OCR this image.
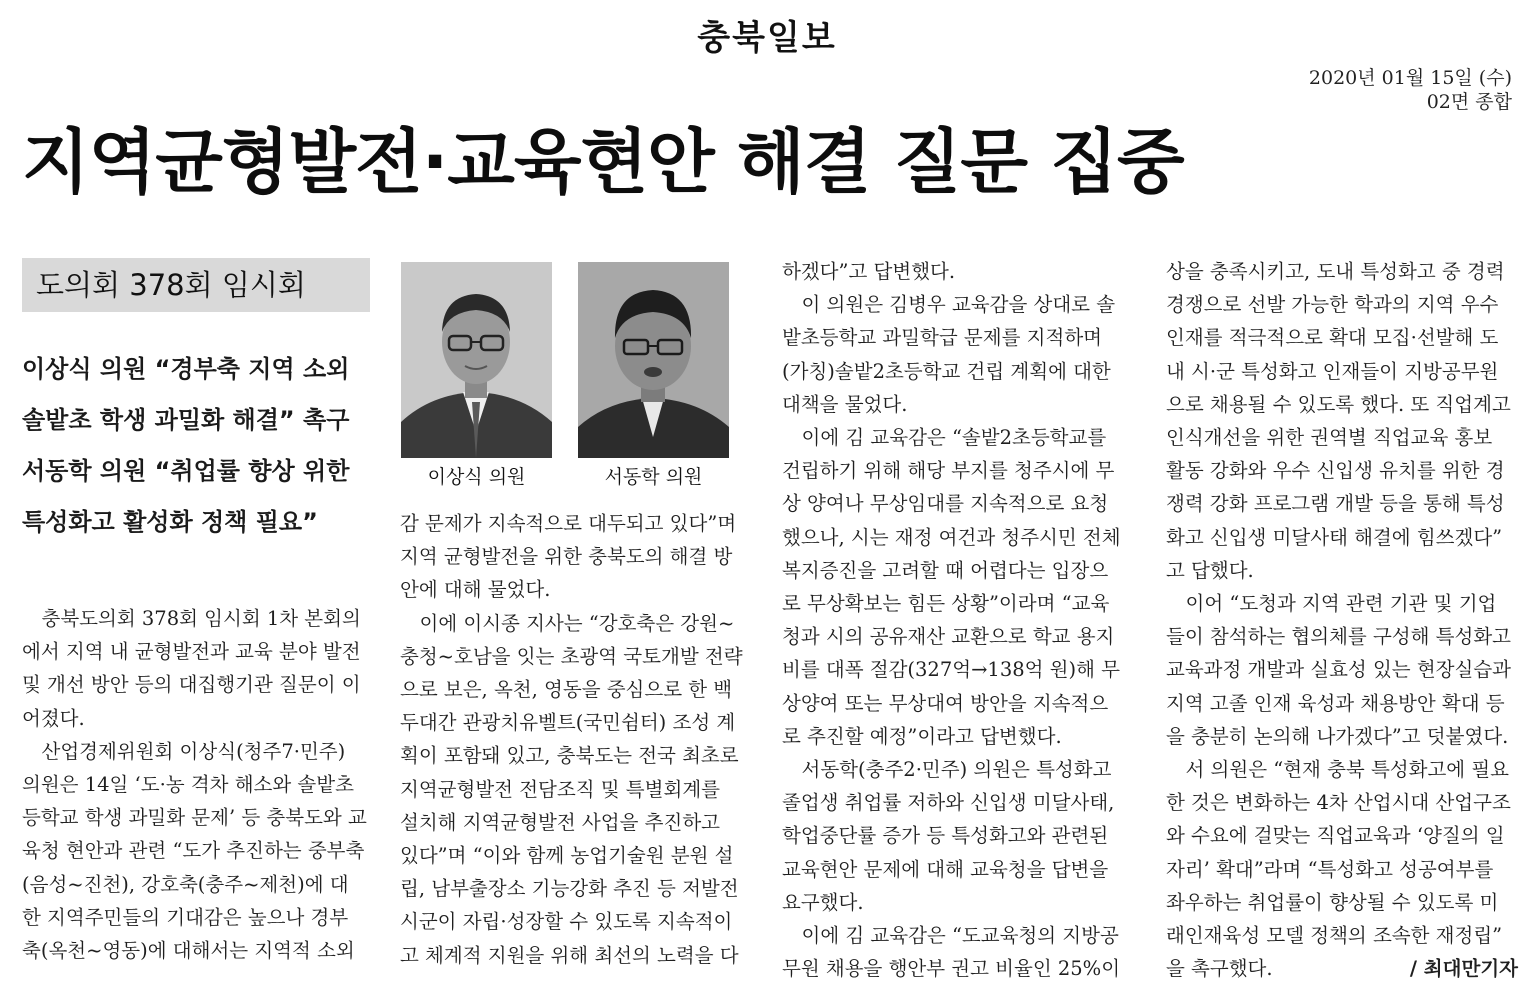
충북일보
2020년 01월 15일 (수)
02면 종합
지역균형발전·교육현안 해결 질문 집중
도의회 378회 임시회
이상식 의원 “경부축 지역 소외
솔밭초 학생 과밀화 해결” 촉구
서동학 의원 “취업률 향상 위한
특성화고 활성화 정책 필요”
이상식 의원	서동학 의원

　충북도의회 378회 임시회 1차 본회의

에서 지역 내 균형발전과 교육 분야 발전

및 개선 방안 등의 대집행기관 질문이 이

어졌다.

　산업경제위원회 이상식(청주7·민주)

의원은 14일 ‘도·농 격차 해소와 솔밭초

등학교 학생 과밀화 문제’ 등 충북도와 교

육청 현안과 관련 “도가 추진하는 중부축

(음성~진천), 강호축(충주~제천)에 대

한 지역주민들의 기대감은 높으나 경부

축(옥천~영동)에 대해서는 지역적 소외

감 문제가 지속적으로 대두되고 있다”며

지역 균형발전을 위한 충북도의 해결 방

안에 대해 물었다.

　이에 이시종 지사는 “강호축은 강원~

충청~호남을 잇는 초광역 국토개발 전략

으로 보은, 옥천, 영동을 중심으로 한 백

두대간 관광치유벨트(국민쉼터) 조성 계

획이 포함돼 있고, 충북도는 전국 최초로

지역균형발전 전담조직 및 특별회계를

설치해 지역균형발전 사업을 추진하고

있다”며 “이와 함께 농업기술원 분원 설

립, 남부출장소 기능강화 추진 등 저발전

시군이 자립·성장할 수 있도록 지속적이

고 체계적 지원을 위해 최선의 노력을 다

하겠다”고 답변했다.

　이 의원은 김병우 교육감을 상대로 솔

밭초등학교 과밀학급 문제를 지적하며

(가칭)솔밭2초등학교 건립 계획에 대한

대책을 물었다.

　이에 김 교육감은 “솔밭2초등학교를

건립하기 위해 해당 부지를 청주시에 무

상 양여나 무상임대를 지속적으로 요청

했으나, 시는 재정 여건과 청주시민 전체

복지증진을 고려할 때 어렵다는 입장으

로 무상확보는 힘든 상황”이라며 “교육

청과 시의 공유재산 교환으로 학교 용지

비를 대폭 절감(327억→138억 원)해 무

상양여 또는 무상대여 방안을 지속적으

로 추진할 예정”이라고 답변했다.

　서동학(충주2·민주) 의원은 특성화고

졸업생 취업률 저하와 신입생 미달사태,

학업중단률 증가 등 특성화고와 관련된

교육현안 문제에 대해 교육청을 답변을

요구했다.

　이에 김 교육감은 “도교육청의 지방공

무원 채용을 행안부 권고 비율인 25%이

상을 충족시키고, 도내 특성화고 중 경력

경쟁으로 선발 가능한 학과의 지역 우수

인재를 적극적으로 확대 모집·선발해 도

내 시·군 특성화고 인재들이 지방공무원

으로 채용될 수 있도록 했다. 또 직업계고

인식개선을 위한 권역별 직업교육 홍보

활동 강화와 우수 신입생 유치를 위한 경

쟁력 강화 프로그램 개발 등을 통해 특성

화고 신입생 미달사태 해결에 힘쓰겠다”

고 답했다.

　이어 “도청과 지역 관련 기관 및 기업

들이 참석하는 협의체를 구성해 특성화고

교육과정 개발과 실효성 있는 현장실습과

지역 고졸 인재 육성과 채용방안 확대 등

을 충분히 논의해 나가겠다”고 덧붙였다.

　서 의원은 “현재 충북 특성화고에 필요

한 것은 변화하는 4차 산업시대 산업구조

와 수요에 걸맞는 직업교육과 ‘양질의 일

자리’ 확대”라며 “특성화고 성공여부를

좌우하는 취업률이 향상될 수 있도록 미

래인재육성 모델 정책의 조속한 재정립”

을 촉구했다.	/ 최대만기자
